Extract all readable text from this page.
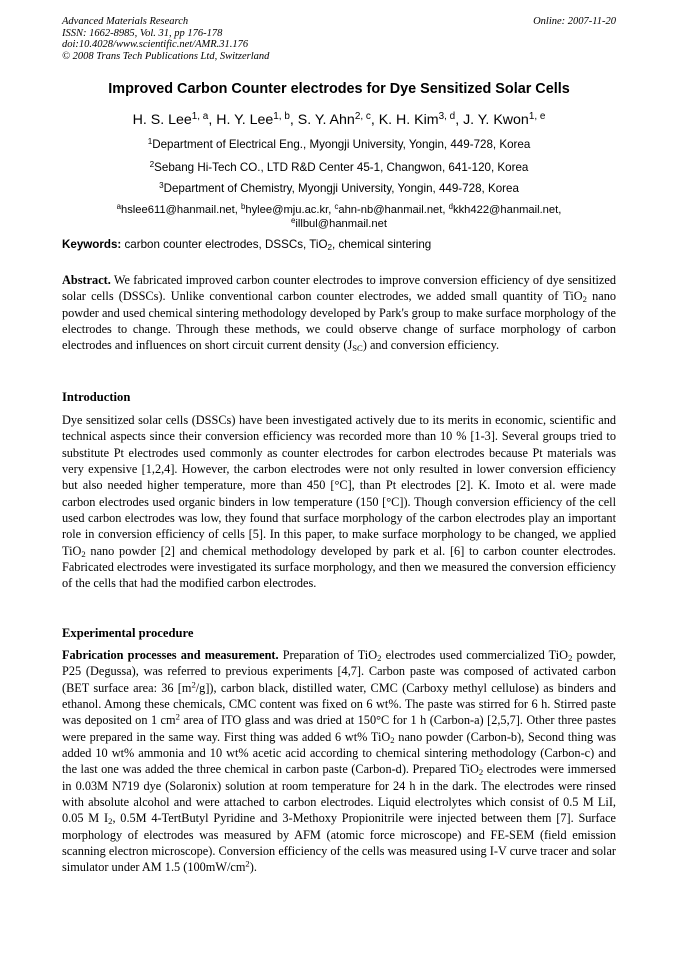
Advanced Materials Research
ISSN: 1662-8985, Vol. 31, pp 176-178
doi:10.4028/www.scientific.net/AMR.31.176
© 2008 Trans Tech Publications Ltd, Switzerland
Online: 2007-11-20
Improved Carbon Counter electrodes for Dye Sensitized Solar Cells
H. S. Lee$^{1, a}$, H. Y. Lee$^{1, b}$, S. Y. Ahn$^{2, c}$, K. H. Kim$^{3, d}$, J. Y. Kwon$^{1, e}$
$^1$Department of Electrical Eng., Myongji University, Yongin, 449-728, Korea
$^2$Sebang Hi-Tech CO., LTD R&D Center 45-1, Changwon, 641-120, Korea
$^3$Department of Chemistry, Myongji University, Yongin, 449-728, Korea
$^a$hslee611@hanmail.net, $^b$hylee@mju.ac.kr, $^c$ahn-nb@hanmail.net, $^d$kkh422@hanmail.net,
$^e$illbul@hanmail.net
Keywords: carbon counter electrodes, DSSCs, TiO$_2$, chemical sintering
Abstract. We fabricated improved carbon counter electrodes to improve conversion efficiency of dye sensitized solar cells (DSSCs). Unlike conventional carbon counter electrodes, we added small quantity of TiO$_2$ nano powder and used chemical sintering methodology developed by Park's group to make surface morphology of the electrodes to change. Through these methods, we could observe change of surface morphology of carbon electrodes and influences on short circuit current density $(J_{SC})$ and conversion efficiency.
Introduction
Dye sensitized solar cells (DSSCs) have been investigated actively due to its merits in economic, scientific and technical aspects since their conversion efficiency was recorded more than 10 % [1-3]. Several groups tried to substitute Pt electrodes used commonly as counter electrodes for carbon electrodes because Pt materials was very expensive [1,2,4]. However, the carbon electrodes were not only resulted in lower conversion efficiency but also needed higher temperature, more than 450 [°C], than Pt electrodes [2]. K. Imoto et al. were made carbon electrodes used organic binders in low temperature (150 [°C]). Though conversion efficiency of the cell used carbon electrodes was low, they found that surface morphology of the carbon electrodes play an important role in conversion efficiency of cells [5]. In this paper, to make surface morphology to be changed, we applied TiO$_2$ nano powder [2] and chemical methodology developed by park et al. [6] to carbon counter electrodes. Fabricated electrodes were investigated its surface morphology, and then we measured the conversion efficiency of the cells that had the modified carbon electrodes.
Experimental procedure
Fabrication processes and measurement. Preparation of TiO$_2$ electrodes used commercialized TiO$_2$ powder, P25 (Degussa), was referred to previous experiments [4,7]. Carbon paste was composed of activated carbon (BET surface area: 36 $[m^2/g]$), carbon black, distilled water, CMC (Carboxy methyl cellulose) as binders and ethanol. Among these chemicals, CMC content was fixed on 6 wt%. The paste was stirred for 6 h. Stirred paste was deposited on 1 $cm^2$ area of ITO glass and was dried at 150°C for 1 h (Carbon-a) [2,5,7]. Other three pastes were prepared in the same way. First thing was added 6 wt% TiO$_2$ nano powder (Carbon-b), Second thing was added 10 wt% ammonia and 10 wt% acetic acid according to chemical sintering methodology (Carbon-c) and the last one was added the three chemical in carbon paste (Carbon-d). Prepared TiO$_2$ electrodes were immersed in 0.03M N719 dye (Solaronix) solution at room temperature for 24 h in the dark. The electrodes were rinsed with absolute alcohol and were attached to carbon electrodes. Liquid electrolytes which consist of 0.5 M LiI, 0.05 M $I_2$, 0.5M 4-TertButyl Pyridine and 3-Methoxy Propionitrile were injected between them [7]. Surface morphology of electrodes was measured by AFM (atomic force microscope) and FE-SEM (field emission scanning electron microscope). Conversion efficiency of the cells was measured using I-V curve tracer and solar simulator under AM 1.5 $(100mW/cm^2)$.
